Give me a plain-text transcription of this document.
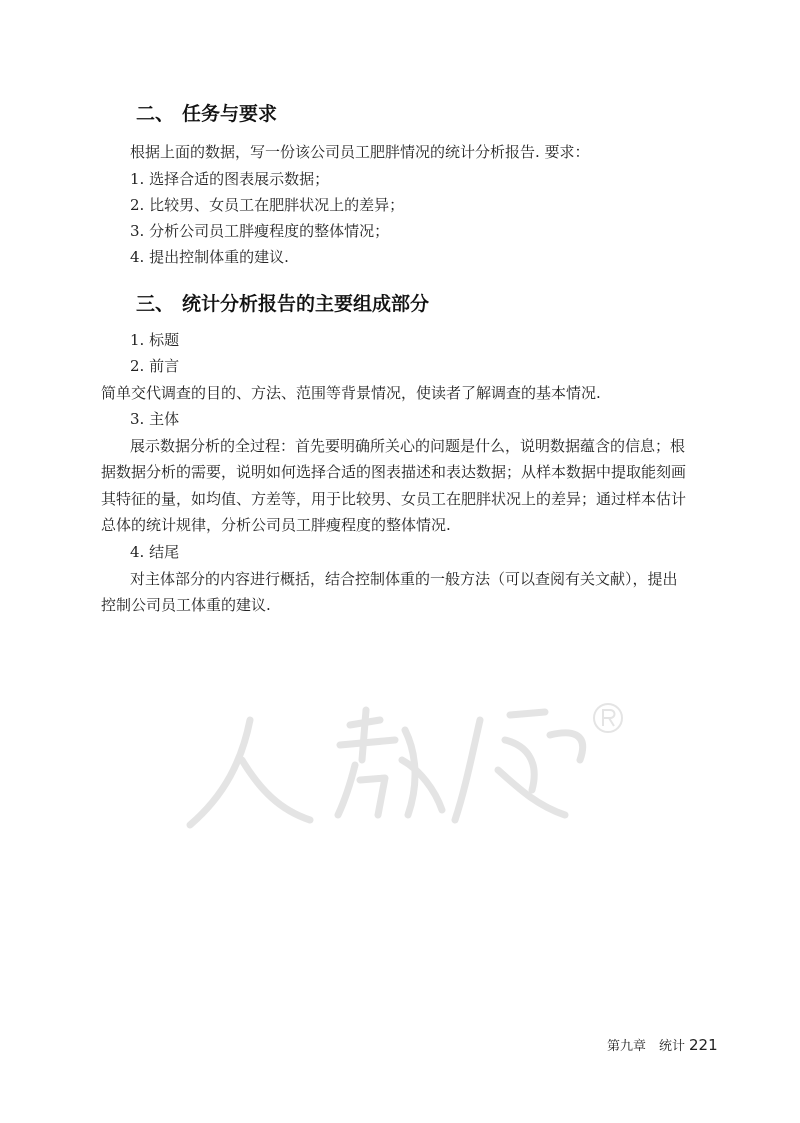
二、 任务与要求
根据上面的数据，写一份该公司员工肥胖情况的统计分析报告. 要求：
1. 选择合适的图表展示数据；
2. 比较男、女员工在肥胖状况上的差异；
3. 分析公司员工胖瘦程度的整体情况；
4. 提出控制体重的建议.
三、 统计分析报告的主要组成部分
1. 标题
2. 前言
简单交代调查的目的、方法、范围等背景情况，使读者了解调查的基本情况.
3. 主体
展示数据分析的全过程：首先要明确所关心的问题是什么，说明数据蕴含的信息；根
据数据分析的需要，说明如何选择合适的图表描述和表达数据；从样本数据中提取能刻画
其特征的量，如均值、方差等，用于比较男、女员工在肥胖状况上的差异；通过样本估计
总体的统计规律，分析公司员工胖瘦程度的整体情况.
4. 结尾
对主体部分的内容进行概括，结合控制体重的一般方法（可以查阅有关文献），提出
控制公司员工体重的建议.
第九章　统计 221
